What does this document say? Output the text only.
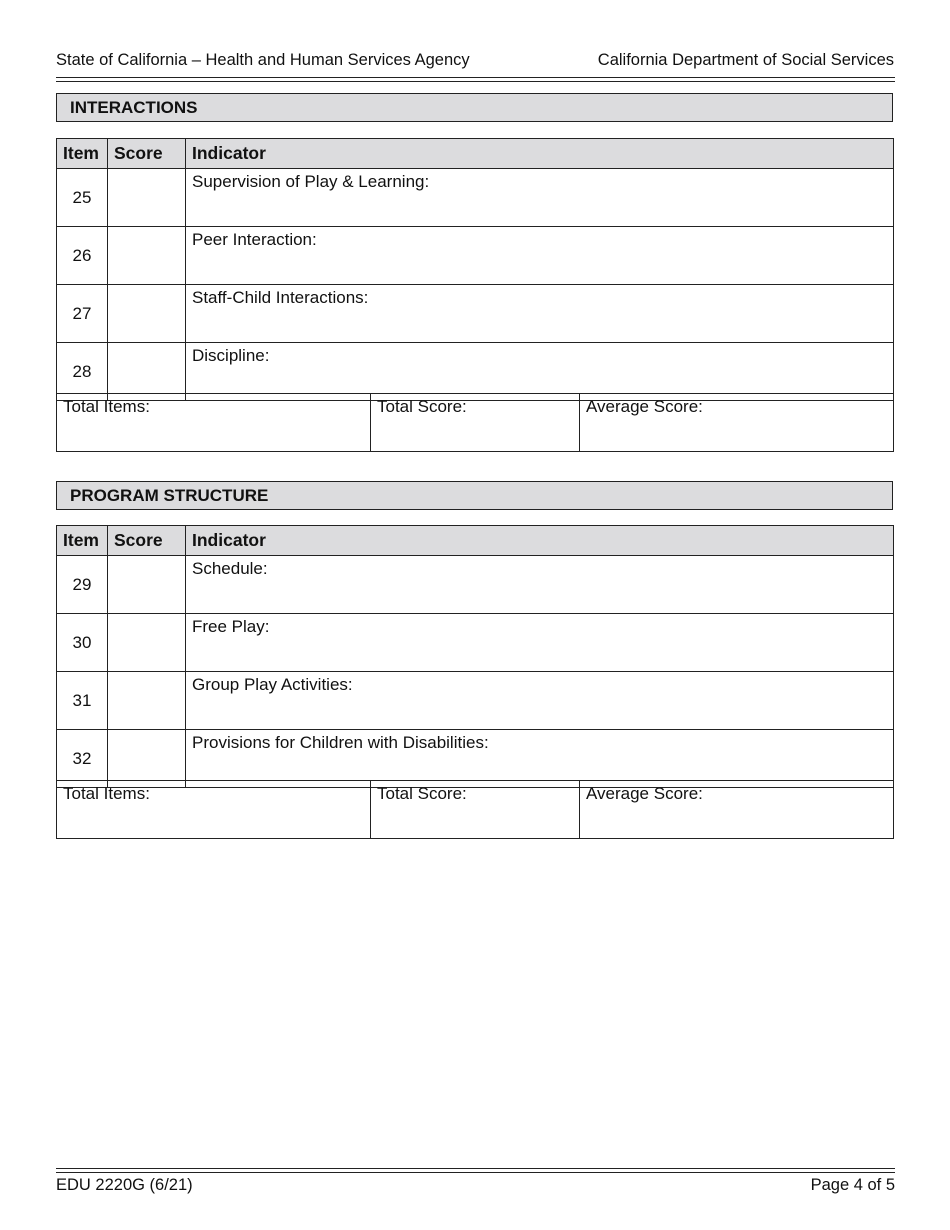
State of California – Health and Human Services Agency	California Department of Social Services
INTERACTIONS
Item	Score	Indicator
25		Supervision of Play & Learning:
26		Peer Interaction:
27		Staff-Child Interactions:
28		Discipline:
Total Items:	Total Score:	Average Score:
PROGRAM STRUCTURE
Item	Score	Indicator
29		Schedule:
30		Free Play:
31		Group Play Activities:
32		Provisions for Children with Disabilities:
Total Items:	Total Score:	Average Score:
EDU 2220G (6/21)	Page 4 of 5
